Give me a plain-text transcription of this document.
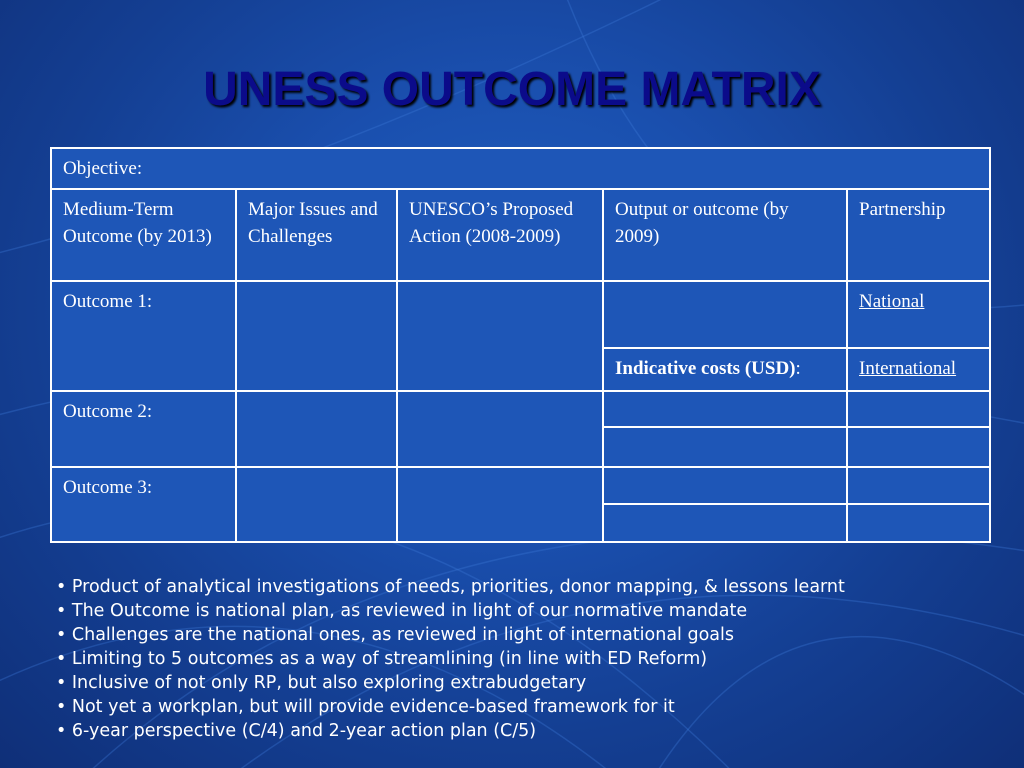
UNESS OUTCOME MATRIX
Objective:				
Medium-Term Outcome (by 2013)	Major Issues and Challenges	UNESCO’s Proposed Action (2008-2009)	Output or outcome (by 2009)	Partnership
Outcome 1:				National
			Indicative costs (USD):	International
Outcome 2:				

Outcome 3:				

• Product of analytical investigations of needs, priorities, donor mapping, & lessons learnt
• The Outcome is national plan, as reviewed in light of our normative mandate
• Challenges are the national ones, as reviewed in light of international goals
• Limiting to 5 outcomes as a way of streamlining (in line with ED Reform)
• Inclusive of not only RP, but also exploring extrabudgetary
• Not yet a workplan, but will provide evidence-based framework for it
• 6-year perspective (C/4) and 2-year action plan (C/5)
